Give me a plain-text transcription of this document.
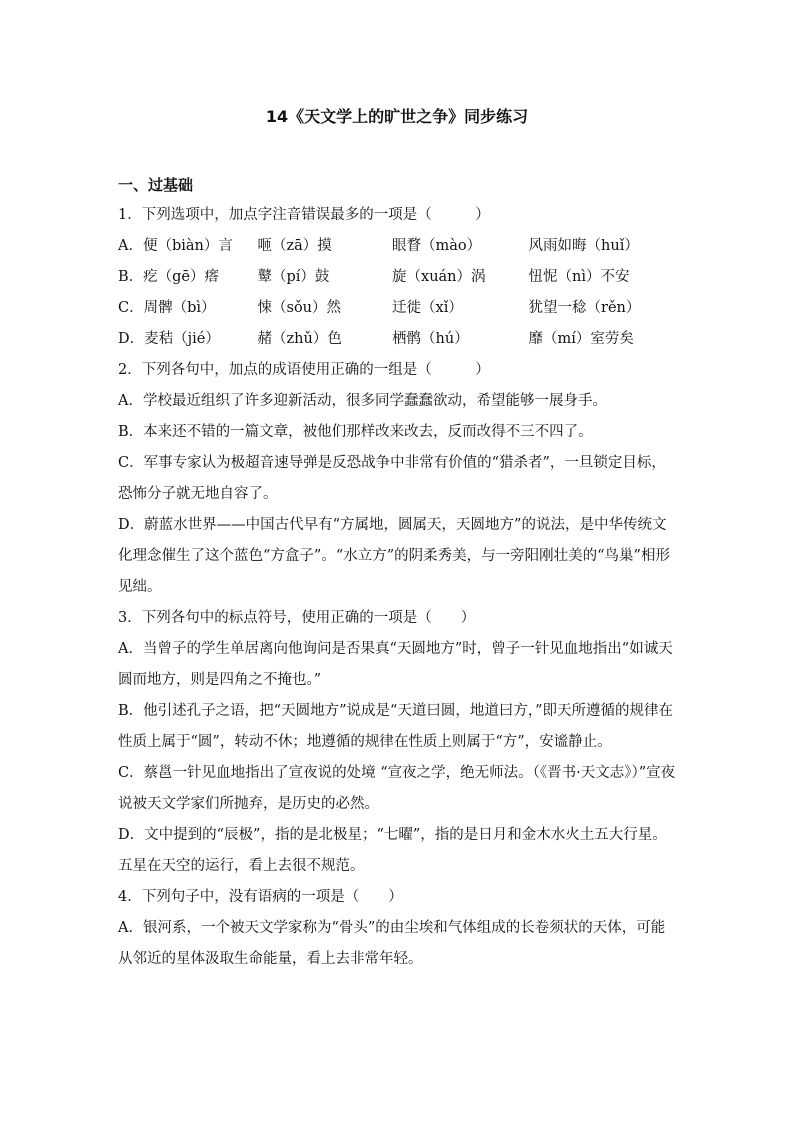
14《天文学上的旷世之争》同步练习
一、过基础
1．下列选项中，加点字注音错误最多的一项是（　　　）
A．便（biàn）言	咂（zā）摸	眼瞀（mào）	风雨如晦（huǐ）
B．疙（gē）瘩	鼙（pí）鼓	旋（xuán）涡	忸怩（nì）不安
C．周髀（bì）	悚（sǒu）然	迁徙（xǐ）	犹望一稔（rěn）
D．麦秸（jié）	赭（zhǔ）色	栖鹘（hú）	靡（mí）室劳矣
2．下列各句中，加点的成语使用正确的一组是（　　　）
A．学校最近组织了许多迎新活动，很多同学蠢蠢欲动，希望能够一展身手。
B．本来还不错的一篇文章，被他们那样改来改去，反而改得不三不四了。
C．军事专家认为极超音速导弹是反恐战争中非常有价值的“猎杀者”，一旦锁定目标，恐怖分子就无地自容了。
D．蔚蓝水世界——中国古代早有“方属地，圆属天，天圆地方”的说法，是中华传统文化理念催生了这个蓝色“方盒子”。“水立方”的阴柔秀美，与一旁阳刚壮美的“鸟巢”相形见绌。
3．下列各句中的标点符号，使用正确的一项是（　　）
A．当曾子的学生单居离向他询问是否果真“天圆地方”时，曾子一针见血地指出“如诚天圆而地方，则是四角之不掩也。”
B．他引述孔子之语，把“天圆地方”说成是“天道曰圆，地道曰方，”即天所遵循的规律在性质上属于“圆”，转动不休；地遵循的规律在性质上则属于“方”，安谧静止。
C．蔡邕一针见血地指出了宣夜说的处境 “宣夜之学，绝无师法。（《晋书·天文志》）”宣夜说被天文学家们所抛弃，是历史的必然。
D．文中提到的“辰极”，指的是北极星；“七曜”，指的是日月和金木水火土五大行星。五星在天空的运行，看上去很不规范。
4．下列句子中，没有语病的一项是（　　）
A．银河系，一个被天文学家称为“骨头”的由尘埃和气体组成的长卷须状的天体，可能从邻近的星体汲取生命能量，看上去非常年轻。
